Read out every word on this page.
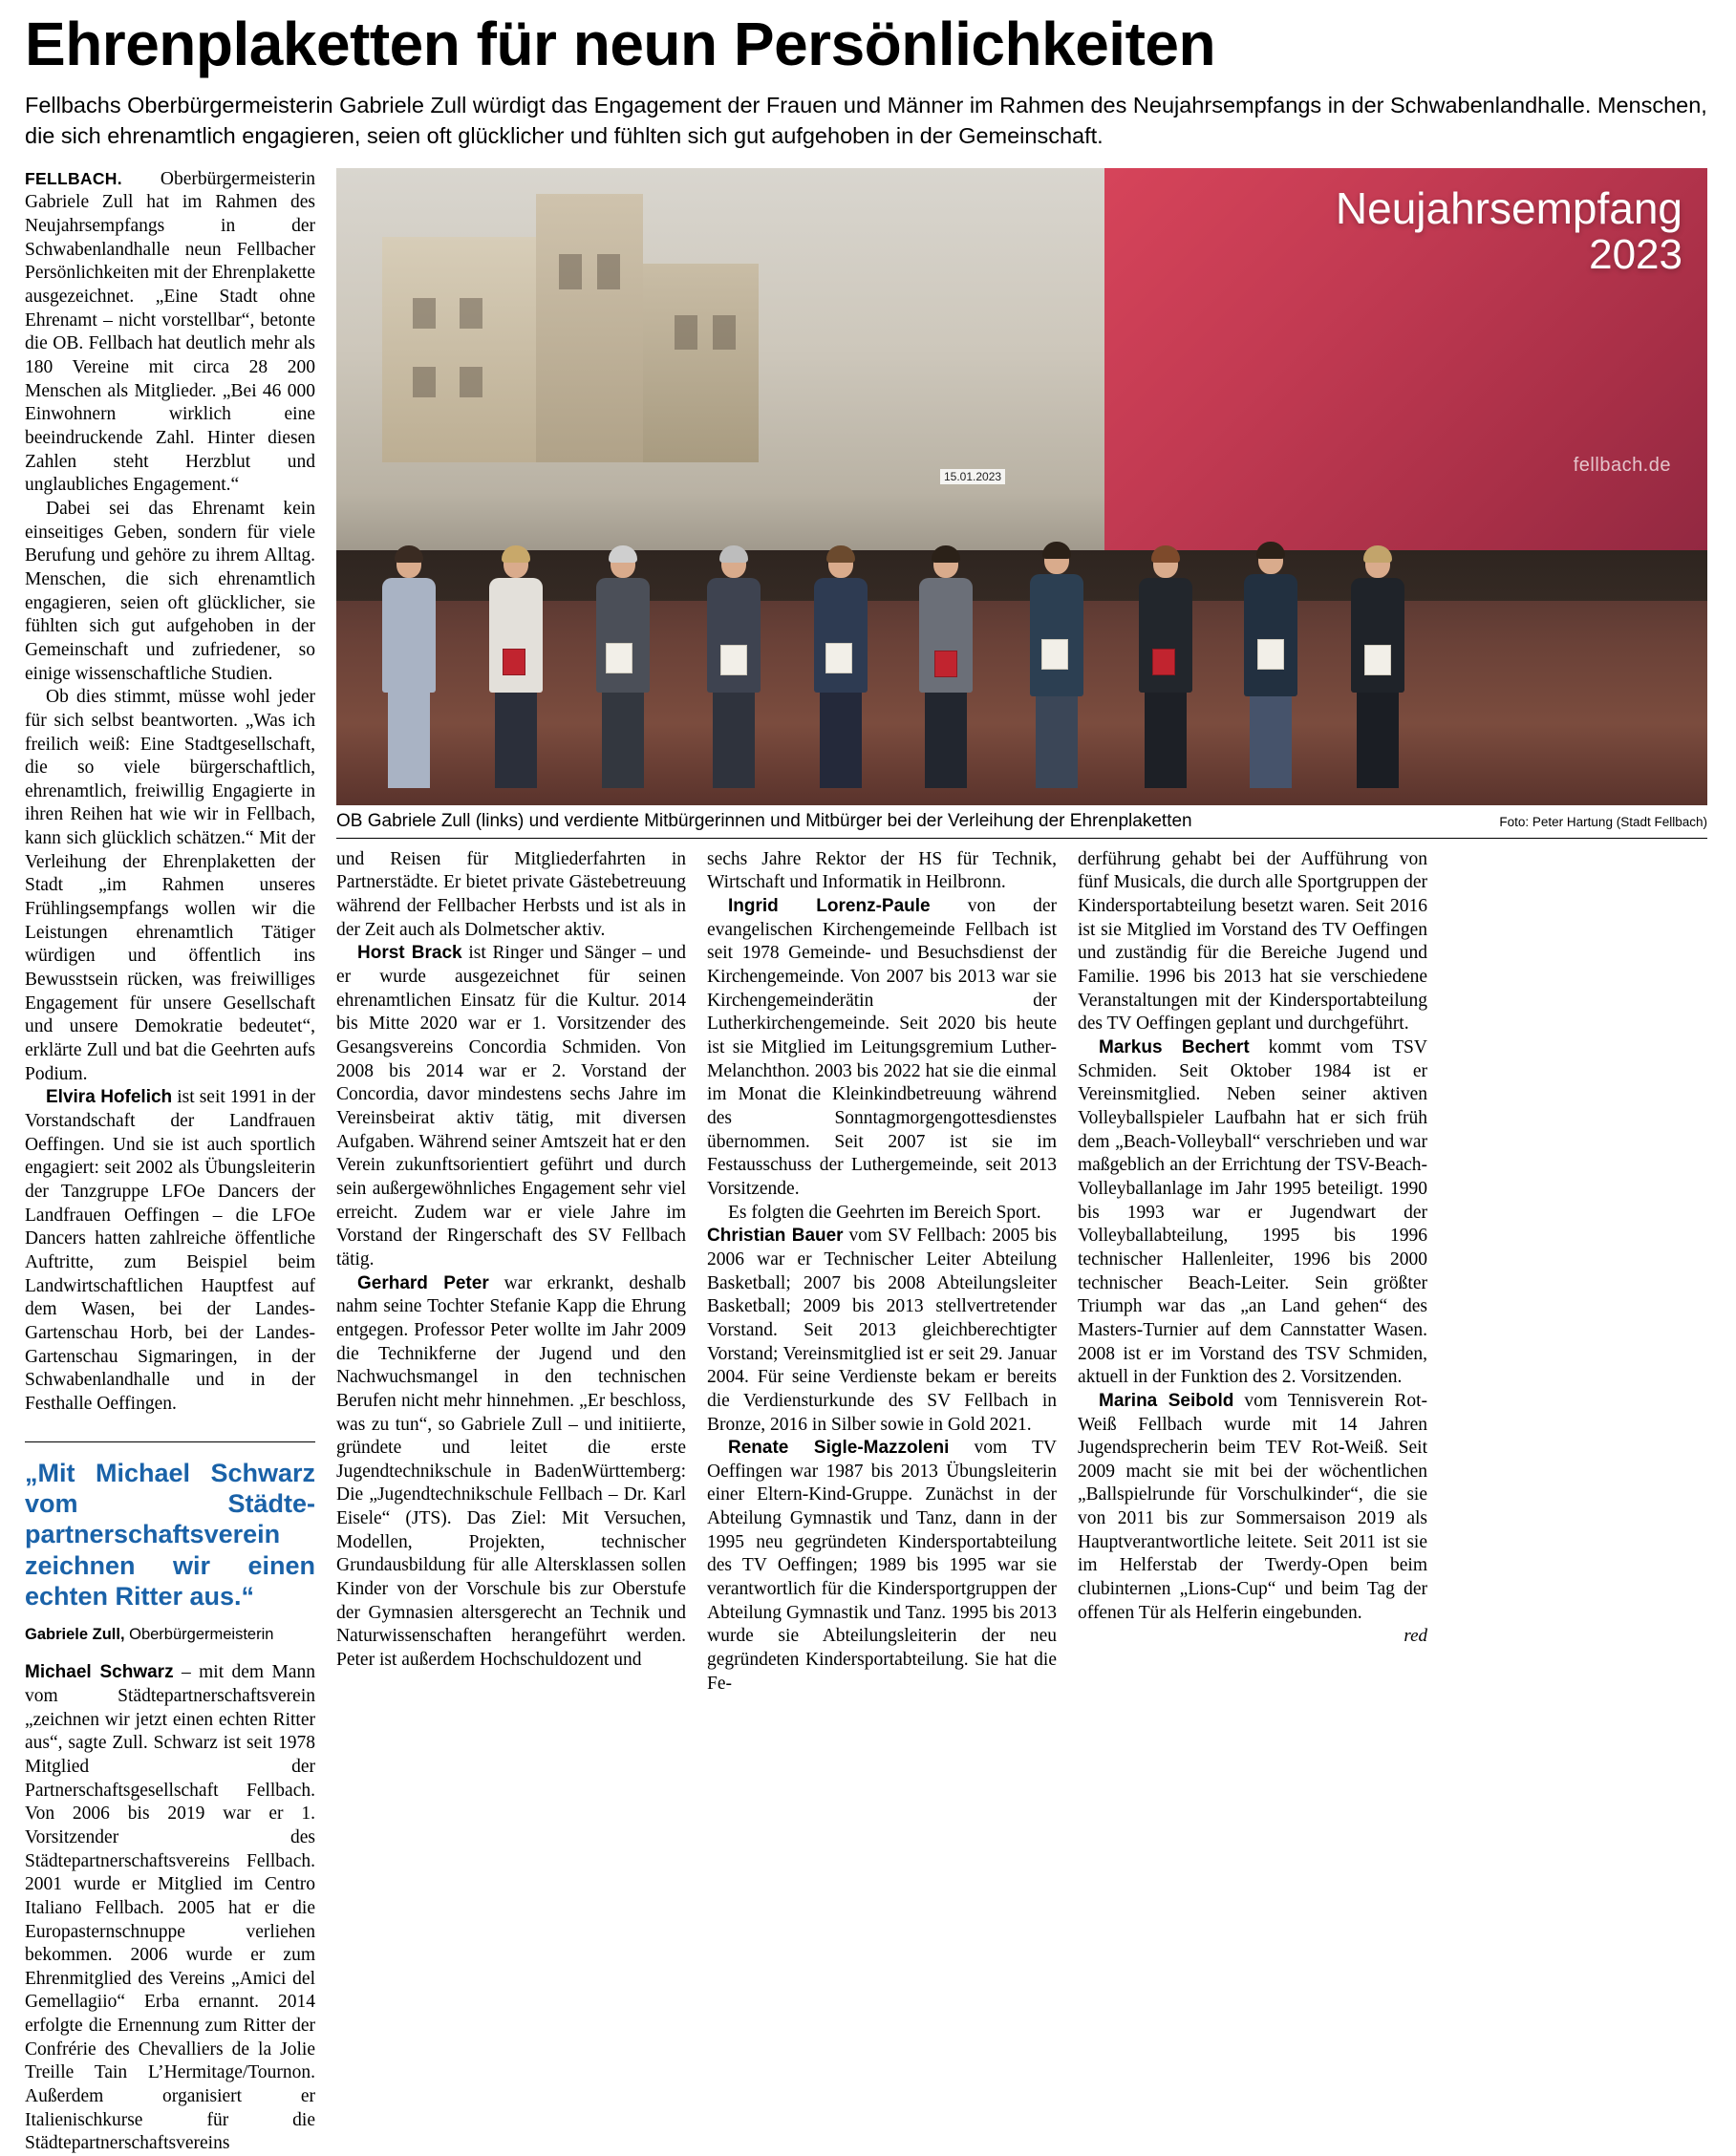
Ehrenplaketten für neun Persönlichkeiten
Fellbachs Oberbürgermeisterin Gabriele Zull würdigt das Engagement der Frauen und Männer im Rahmen des Neujahrsempfangs in der Schwabenlandhalle. Menschen, die sich ehrenamtlich engagieren, seien oft glücklicher und fühlten sich gut aufgehoben in der Gemeinschaft.

FELLBACH. Oberbürgermeisterin Gabriele Zull hat im Rahmen des Neujahrsempfangs in der Schwabenlandhalle neun Fellbacher Persönlichkeiten mit der Ehrenplakette ausgezeichnet. „Eine Stadt ohne Ehrenamt – nicht vorstellbar“, betonte die OB. Fellbach hat deutlich mehr als 180 Vereine mit circa 28 200 Menschen als Mitglieder. „Bei 46 000 Einwohnern wirklich eine beeindruckende Zahl. Hinter diesen Zahlen steht Herzblut und unglaubliches Engagement.“

Dabei sei das Ehrenamt kein einseitiges Geben, sondern für viele Berufung und gehöre zu ihrem Alltag. Menschen, die sich ehrenamtlich engagieren, seien oft glücklicher, sie fühlten sich gut aufgehoben in der Gemeinschaft und zufriedener, so einige wissenschaftliche Studien.

Ob dies stimmt, müsse wohl jeder für sich selbst beantworten. „Was ich freilich weiß: Eine Stadtgesellschaft, die so viele bürgerschaftlich, ehrenamtlich, freiwillig Engagierte in ihren Reihen hat wie wir in Fellbach, kann sich glücklich schätzen.“ Mit der Verleihung der Ehrenplaketten der Stadt „im Rahmen unseres Frühlingsempfangs wollen wir die Leistungen ehrenamtlich Tätiger würdigen und öffentlich ins Bewusstsein rücken, was freiwilliges Engagement für unsere Gesellschaft und unsere Demokratie bedeutet“, erklärte Zull und bat die Geehrten aufs Podium.

Elvira Hofelich ist seit 1991 in der Vorstandschaft der Landfrauen Oeffingen. Und sie ist auch sportlich engagiert: seit 2002 als Übungsleiterin der Tanzgruppe LFOe Dancers der Landfrauen Oeffingen – die LFOe Dancers hatten zahlreiche öffentliche Auftritte, zum Beispiel beim Landwirtschaftlichen Hauptfest auf dem Wasen, bei der Landes-Gartenschau Horb, bei der Landes-Gartenschau Sigmaringen, in der Schwabenlandhalle und in der Festhalle Oeffingen.

„Mit Michael Schwarz vom Städtepartnerschaftsverein zeichnen wir einen echten Ritter aus.“
Gabriele Zull, Oberbürgermeisterin

Michael Schwarz – mit dem Mann vom Städtepartnerschaftsverein „zeichnen wir jetzt einen echten Ritter aus“, sagte Zull. Schwarz ist seit 1978 Mitglied der Partnerschaftsgesellschaft Fellbach. Von 2006 bis 2019 war er 1. Vorsitzender des Städtepartnerschaftsvereins Fellbach. 2001 wurde er Mitglied im Centro Italiano Fellbach. 2005 hat er die Europasternschnuppe verliehen bekommen. 2006 wurde er zum Ehrenmitglied des Vereins „Amici del Gemellagiio“ Erba ernannt. 2014 erfolgte die Ernennung zum Ritter der Confrérie des Chevalliers de la Jolie Treille Tain L’Hermitage/Tournon. Außerdem organisiert er Italienischkurse für die Städtepartnerschaftsvereins

Neujahrsempfang
2023
fellbach.de
15.01.2023
OB Gabriele Zull (links) und verdiente Mitbürgerinnen und Mitbürger bei der Verleihung der Ehrenplaketten	Foto: Peter Hartung (Stadt Fellbach)

und Reisen für Mitgliederfahrten in Partnerstädte. Er bietet private Gästebetreuung während der Fellbacher Herbsts und ist als in der Zeit auch als Dolmetscher aktiv.

Horst Brack ist Ringer und Sänger – und er wurde ausgezeichnet für seinen ehrenamtlichen Einsatz für die Kultur. 2014 bis Mitte 2020 war er 1. Vorsitzender des Gesangsvereins Concordia Schmiden. Von 2008 bis 2014 war er 2. Vorstand der Concordia, davor mindestens sechs Jahre im Vereinsbeirat aktiv tätig, mit diversen Aufgaben. Während seiner Amtszeit hat er den Verein zukunftsorientiert geführt und durch sein außergewöhnliches Engagement sehr viel erreicht. Zudem war er viele Jahre im Vorstand der Ringerschaft des SV Fellbach tätig.

Gerhard Peter war erkrankt, deshalb nahm seine Tochter Stefanie Kapp die Ehrung entgegen. Professor Peter wollte im Jahr 2009 die Technikferne der Jugend und den Nachwuchsmangel in den technischen Berufen nicht mehr hinnehmen. „Er beschloss, was zu tun“, so Gabriele Zull – und initiierte, gründete und leitet die erste Jugendtechnikschule in BadenWürttemberg: Die „Jugendtechnikschule Fellbach – Dr. Karl Eisele“ (JTS). Das Ziel: Mit Versuchen, Modellen, Projekten, technischer Grundausbildung für alle Altersklassen sollen Kinder von der Vorschule bis zur Oberstufe der Gymnasien altersgerecht an Technik und Naturwissenschaften herangeführt werden. Peter ist außerdem Hochschuldozent und

sechs Jahre Rektor der HS für Technik, Wirtschaft und Informatik in Heilbronn.

Ingrid Lorenz-Paule von der evangelischen Kirchengemeinde Fellbach ist seit 1978 Gemeinde- und Besuchsdienst der Kirchengemeinde. Von 2007 bis 2013 war sie Kirchengemeinderätin der Lutherkirchengemeinde. Seit 2020 bis heute ist sie Mitglied im Leitungsgremium Luther-Melanchthon. 2003 bis 2022 hat sie die einmal im Monat die Kleinkindbetreuung während des Sonntagmorgengottesdienstes übernommen. Seit 2007 ist sie im Festausschuss der Luthergemeinde, seit 2013 Vorsitzende.

Es folgten die Geehrten im Bereich Sport.

Christian Bauer vom SV Fellbach: 2005 bis 2006 war er Technischer Leiter Abteilung Basketball; 2007 bis 2008 Abteilungsleiter Basketball; 2009 bis 2013 stellvertretender Vorstand. Seit 2013 gleichberechtigter Vorstand; Vereinsmitglied ist er seit 29. Januar 2004. Für seine Verdienste bekam er bereits die Verdiensturkunde des SV Fellbach in Bronze, 2016 in Silber sowie in Gold 2021.

Renate Sigle-Mazzoleni vom TV Oeffingen war 1987 bis 2013 Übungsleiterin einer Eltern-Kind-Gruppe. Zunächst in der Abteilung Gymnastik und Tanz, dann in der 1995 neu gegründeten Kindersportabteilung des TV Oeffingen; 1989 bis 1995 war sie verantwortlich für die Kindersportgruppen der Abteilung Gymnastik und Tanz. 1995 bis 2013 wurde sie Abteilungsleiterin der neu gegründeten Kindersportabteilung. Sie hat die Fe-

derführung gehabt bei der Aufführung von fünf Musicals, die durch alle Sportgruppen der Kindersportabteilung besetzt waren. Seit 2016 ist sie Mitglied im Vorstand des TV Oeffingen und zuständig für die Bereiche Jugend und Familie. 1996 bis 2013 hat sie verschiedene Veranstaltungen mit der Kindersportabteilung des TV Oeffingen geplant und durchgeführt.

Markus Bechert kommt vom TSV Schmiden. Seit Oktober 1984 ist er Vereinsmitglied. Neben seiner aktiven Volleyballspieler Laufbahn hat er sich früh dem „Beach-Volleyball“ verschrieben und war maßgeblich an der Errichtung der TSV-Beach-Volleyballanlage im Jahr 1995 beteiligt. 1990 bis 1993 war er Jugendwart der Volleyballabteilung, 1995 bis 1996 technischer Hallenleiter, 1996 bis 2000 technischer Beach-Leiter. Sein größter Triumph war das „an Land gehen“ des Masters-Turnier auf dem Cannstatter Wasen. 2008 ist er im Vorstand des TSV Schmiden, aktuell in der Funktion des 2. Vorsitzenden.

Marina Seibold vom Tennisverein Rot-Weiß Fellbach wurde mit 14 Jahren Jugendsprecherin beim TEV Rot-Weiß. Seit 2009 macht sie mit bei der wöchentlichen „Ballspielrunde für Vorschulkinder“, die sie von 2011 bis zur Sommersaison 2019 als Hauptverantwortliche leitete. Seit 2011 ist sie im Helferstab der Twerdy-Open beim clubinternen „Lions-Cup“ und beim Tag der offenen Tür als Helferin eingebunden.

red
